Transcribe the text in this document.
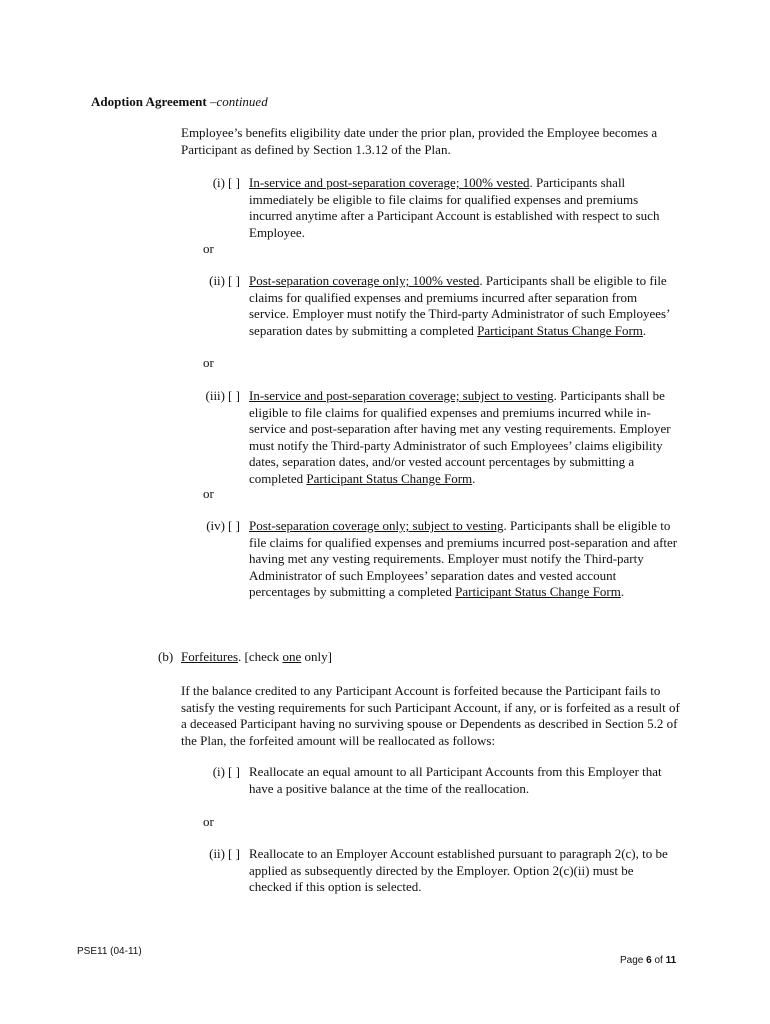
Adoption Agreement –continued
Employee’s benefits eligibility date under the prior plan, provided the Employee becomes a Participant as defined by Section 1.3.12 of the Plan.
(i) [ ] In-service and post-separation coverage; 100% vested. Participants shall immediately be eligible to file claims for qualified expenses and premiums incurred anytime after a Participant Account is established with respect to such Employee.
or
(ii) [ ] Post-separation coverage only; 100% vested. Participants shall be eligible to file claims for qualified expenses and premiums incurred after separation from service. Employer must notify the Third-party Administrator of such Employees’ separation dates by submitting a completed Participant Status Change Form.
or
(iii) [ ] In-service and post-separation coverage; subject to vesting. Participants shall be eligible to file claims for qualified expenses and premiums incurred while in-service and post-separation after having met any vesting requirements. Employer must notify the Third-party Administrator of such Employees’ claims eligibility dates, separation dates, and/or vested account percentages by submitting a completed Participant Status Change Form.
or
(iv) [ ] Post-separation coverage only; subject to vesting. Participants shall be eligible to file claims for qualified expenses and premiums incurred post-separation and after having met any vesting requirements. Employer must notify the Third-party Administrator of such Employees’ separation dates and vested account percentages by submitting a completed Participant Status Change Form.
(b) Forfeitures. [check one only]
If the balance credited to any Participant Account is forfeited because the Participant fails to satisfy the vesting requirements for such Participant Account, if any, or is forfeited as a result of a deceased Participant having no surviving spouse or Dependents as described in Section 5.2 of the Plan, the forfeited amount will be reallocated as follows:
(i) [ ] Reallocate an equal amount to all Participant Accounts from this Employer that have a positive balance at the time of the reallocation.
or
(ii) [ ] Reallocate to an Employer Account established pursuant to paragraph 2(c), to be applied as subsequently directed by the Employer. Option 2(c)(ii) must be checked if this option is selected.
PSE11 (04-11)
Page 6 of 11
